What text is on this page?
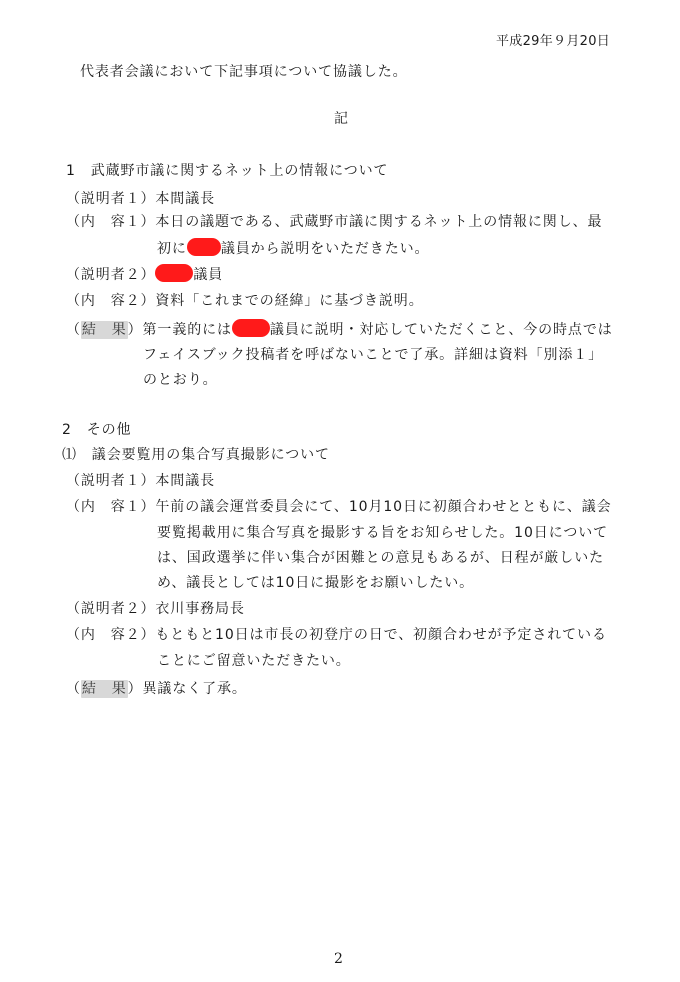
平成29年９月20日
代表者会議において下記事項について協議した。
記
1　武蔵野市議に関するネット上の情報について
（説明者１）本間議長
（内　容１）本日の議題である、武蔵野市議に関するネット上の情報に関し、最
初に 議員から説明をいただきたい。
（説明者２）	議員
（内　容２）資料「これまでの経緯」に基づき説明。
（結　果）第一義的には	議員に説明・対応していただくこと、今の時点では
フェイスブック投稿者を呼ばないことで了承。詳細は資料「別添１」
のとおり。
2　その他
⑴　議会要覧用の集合写真撮影について
（説明者１）本間議長
（内　容１）午前の議会運営委員会にて、10月10日に初顔合わせとともに、議会
要覧掲載用に集合写真を撮影する旨をお知らせした。10日について
は、国政選挙に伴い集合が困難との意見もあるが、日程が厳しいた
め、議長としては10日に撮影をお願いしたい。
（説明者２）衣川事務局長
（内　容２）もともと10日は市長の初登庁の日で、初顔合わせが予定されている
ことにご留意いただきたい。
（結　果）異議なく了承。
2
